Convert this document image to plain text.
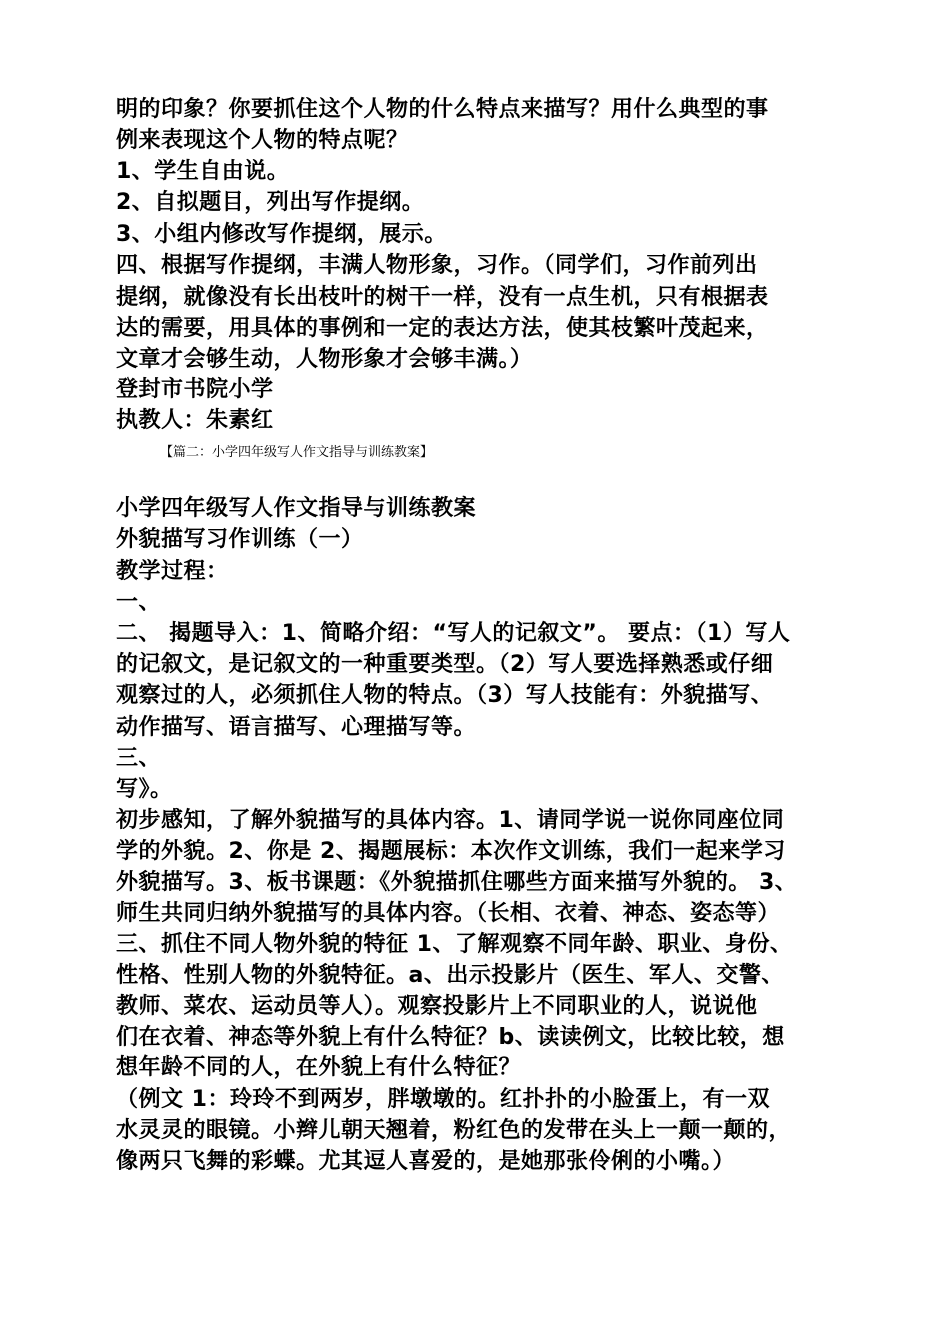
明的印象？你要抓住这个人物的什么特点来描写？用什么典型的事
例来表现这个人物的特点呢？
1、学生自由说。
2、自拟题目，列出写作提纲。
3、小组内修改写作提纲，展示。
四、根据写作提纲，丰满人物形象，习作。（同学们，习作前列出
提纲，就像没有长出枝叶的树干一样，没有一点生机，只有根据表
达的需要，用具体的事例和一定的表达方法，使其枝繁叶茂起来，
文章才会够生动，人物形象才会够丰满。）
登封市书院小学
执教人：朱素红
【篇二：小学四年级写人作文指导与训练教案】
小学四年级写人作文指导与训练教案
外貌描写习作训练（一）
教学过程：
一、
二、 揭题导入：1、简略介绍：“写人的记叙文”。 要点：（1）写人
的记叙文，是记叙文的一种重要类型。（2）写人要选择熟悉或仔细
观察过的人，必须抓住人物的特点。（3）写人技能有：外貌描写、
动作描写、语言描写、心理描写等。
三、
写》。
初步感知，了解外貌描写的具体内容。1、请同学说一说你同座位同
学的外貌。2、你是 2、揭题展标：本次作文训练，我们一起来学习
外貌描写。3、板书课题：《外貌描抓住哪些方面来描写外貌的。 3、
师生共同归纳外貌描写的具体内容。（长相、衣着、神态、姿态等）
三、抓住不同人物外貌的特征 1、了解观察不同年龄、职业、身份、
性格、性别人物的外貌特征。a、出示投影片（医生、军人、交警、
教师、菜农、运动员等人）。观察投影片上不同职业的人，说说他
们在衣着、神态等外貌上有什么特征？b、读读例文，比较比较，想
想年龄不同的人，在外貌上有什么特征？
（例文 1：玲玲不到两岁，胖墩墩的。红扑扑的小脸蛋上，有一双
水灵灵的眼镜。小辫儿朝天翘着，粉红色的发带在头上一颠一颠的，
像两只飞舞的彩蝶。尤其逗人喜爱的，是她那张伶俐的小嘴。）
